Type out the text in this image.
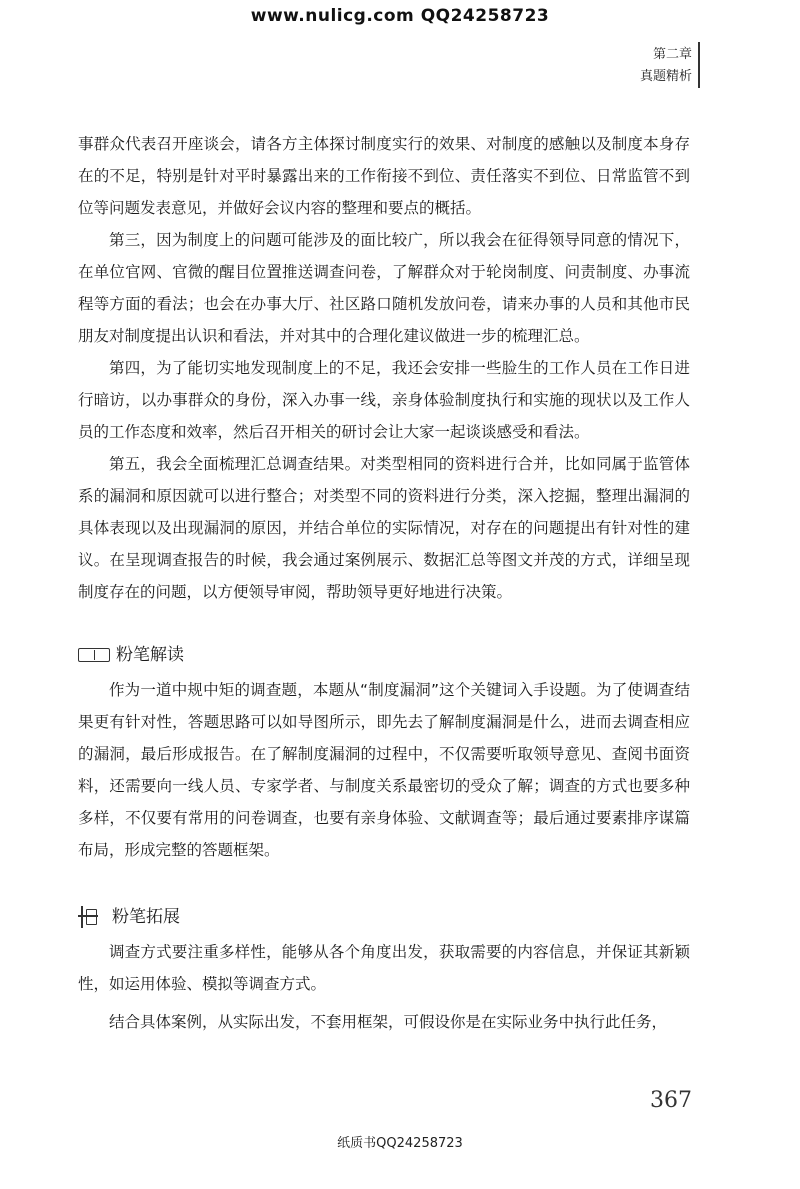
www.nulicg.com QQ24258723
第二章
真题精析

事群众代表召开座谈会，请各方主体探讨制度实行的效果、对制度的感触以及制度本身存在的不足，特别是针对平时暴露出来的工作衔接不到位、责任落实不到位、日常监管不到位等问题发表意见，并做好会议内容的整理和要点的概括。

第三，因为制度上的问题可能涉及的面比较广，所以我会在征得领导同意的情况下，在单位官网、官微的醒目位置推送调查问卷，了解群众对于轮岗制度、问责制度、办事流程等方面的看法；也会在办事大厅、社区路口随机发放问卷，请来办事的人员和其他市民朋友对制度提出认识和看法，并对其中的合理化建议做进一步的梳理汇总。

第四，为了能切实地发现制度上的不足，我还会安排一些脸生的工作人员在工作日进行暗访，以办事群众的身份，深入办事一线，亲身体验制度执行和实施的现状以及工作人员的工作态度和效率，然后召开相关的研讨会让大家一起谈谈感受和看法。

第五，我会全面梳理汇总调查结果。对类型相同的资料进行合并，比如同属于监管体系的漏洞和原因就可以进行整合；对类型不同的资料进行分类，深入挖掘，整理出漏洞的具体表现以及出现漏洞的原因，并结合单位的实际情况，对存在的问题提出有针对性的建议。在呈现调查报告的时候，我会通过案例展示、数据汇总等图文并茂的方式，详细呈现制度存在的问题，以方便领导审阅，帮助领导更好地进行决策。

粉笔解读

作为一道中规中矩的调查题，本题从“制度漏洞”这个关键词入手设题。为了使调查结果更有针对性，答题思路可以如导图所示，即先去了解制度漏洞是什么，进而去调查相应的漏洞，最后形成报告。在了解制度漏洞的过程中，不仅需要听取领导意见、查阅书面资料，还需要向一线人员、专家学者、与制度关系最密切的受众了解；调查的方式也要多种多样，不仅要有常用的问卷调查，也要有亲身体验、文献调查等；最后通过要素排序谋篇布局，形成完整的答题框架。

粉笔拓展

调查方式要注重多样性，能够从各个角度出发，获取需要的内容信息，并保证其新颖性，如运用体验、模拟等调查方式。

结合具体案例，从实际出发，不套用框架，可假设你是在实际业务中执行此任务，

367
纸质书QQ24258723
